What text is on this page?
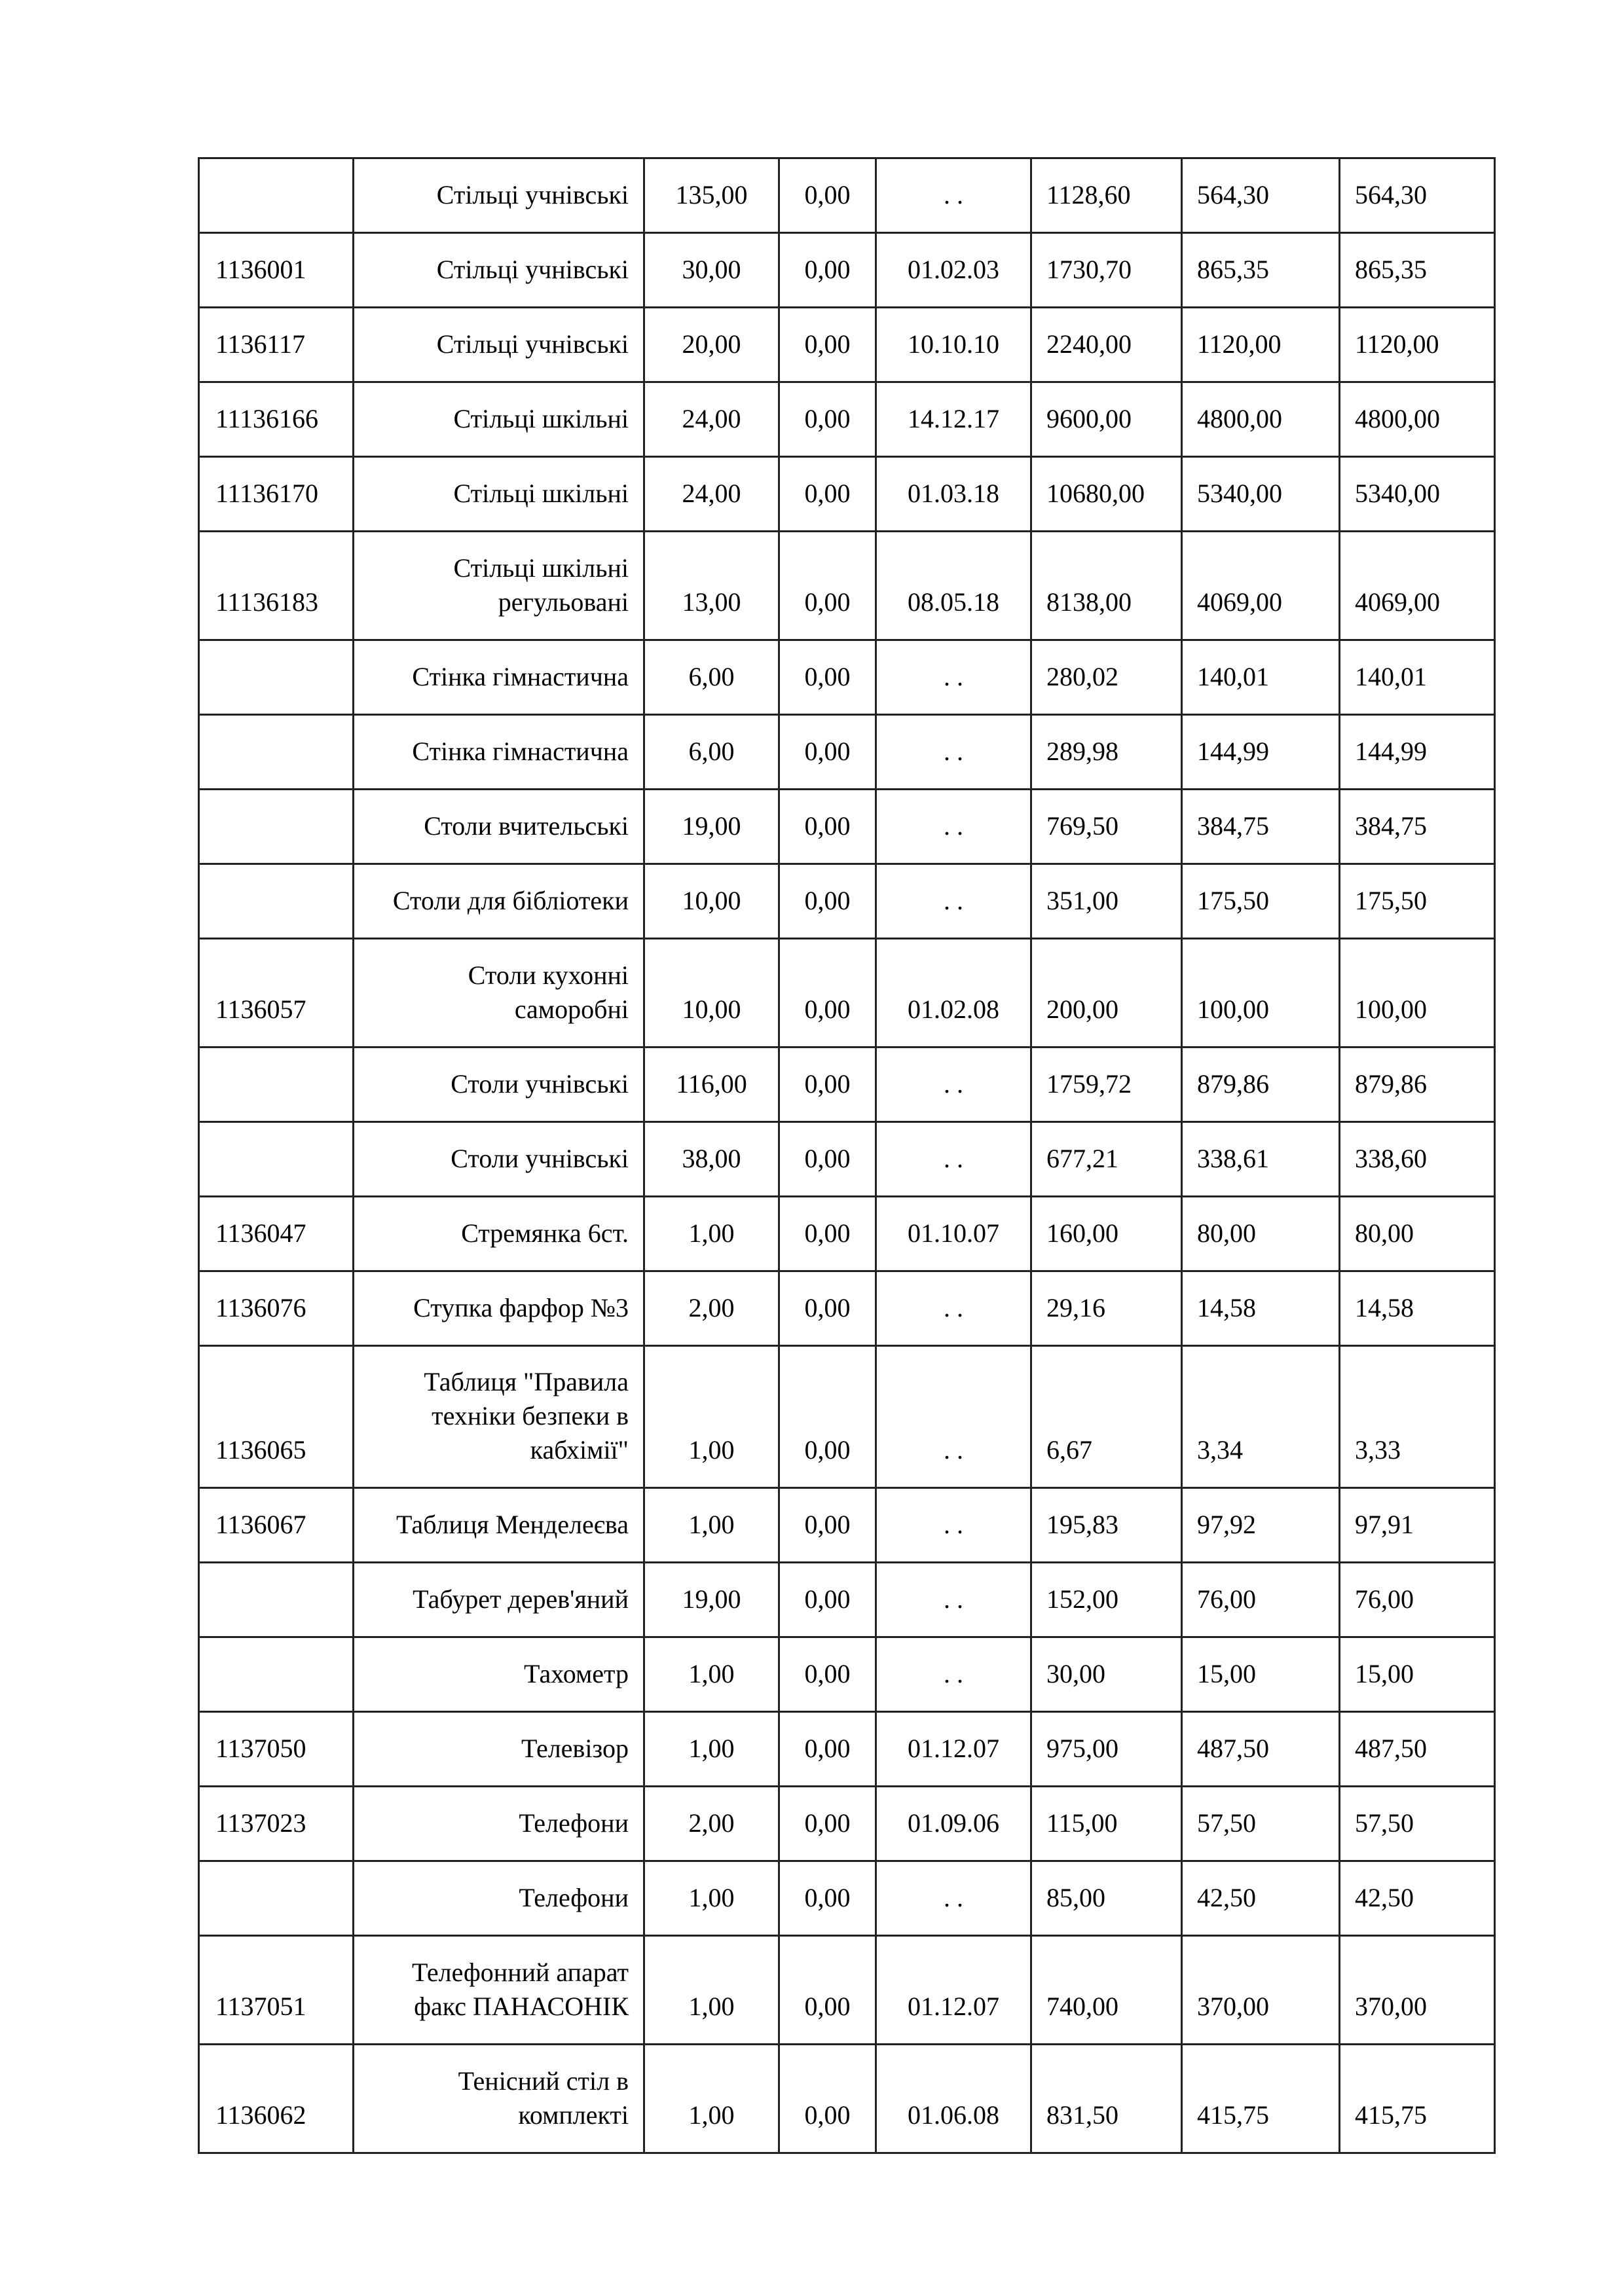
	Стільці учнівські	135,00	0,00	. .	1128,60	564,30	564,30
1136001	Стільці учнівські	30,00	0,00	01.02.03	1730,70	865,35	865,35
1136117	Стільці учнівські	20,00	0,00	10.10.10	2240,00	1120,00	1120,00
11136166	Стільці шкільні	24,00	0,00	14.12.17	9600,00	4800,00	4800,00
11136170	Стільці шкільні	24,00	0,00	01.03.18	10680,00	5340,00	5340,00
11136183	Стільці шкільні
регульовані	13,00	0,00	08.05.18	8138,00	4069,00	4069,00
	Стінка гімнастична	6,00	0,00	. .	280,02	140,01	140,01
	Стінка гімнастична	6,00	0,00	. .	289,98	144,99	144,99
	Столи вчительські	19,00	0,00	. .	769,50	384,75	384,75
	Столи для бібліотеки	10,00	0,00	. .	351,00	175,50	175,50
1136057	Столи кухонні
саморобні	10,00	0,00	01.02.08	200,00	100,00	100,00
	Столи учнівські	116,00	0,00	. .	1759,72	879,86	879,86
	Столи учнівські	38,00	0,00	. .	677,21	338,61	338,60
1136047	Стремянка 6ст.	1,00	0,00	01.10.07	160,00	80,00	80,00
1136076	Ступка фарфор №3	2,00	0,00	. .	29,16	14,58	14,58
1136065	Таблиця "Правила
техніки безпеки в
кабхімії"	1,00	0,00	. .	6,67	3,34	3,33
1136067	Таблиця Менделеєва	1,00	0,00	. .	195,83	97,92	97,91
	Табурет дерев'яний	19,00	0,00	. .	152,00	76,00	76,00
	Тахометр	1,00	0,00	. .	30,00	15,00	15,00
1137050	Телевізор	1,00	0,00	01.12.07	975,00	487,50	487,50
1137023	Телефони	2,00	0,00	01.09.06	115,00	57,50	57,50
	Телефони	1,00	0,00	. .	85,00	42,50	42,50
1137051	Телефонний апарат
факс ПАНАСОНІК	1,00	0,00	01.12.07	740,00	370,00	370,00
1136062	Тенісний стіл в
комплекті	1,00	0,00	01.06.08	831,50	415,75	415,75
